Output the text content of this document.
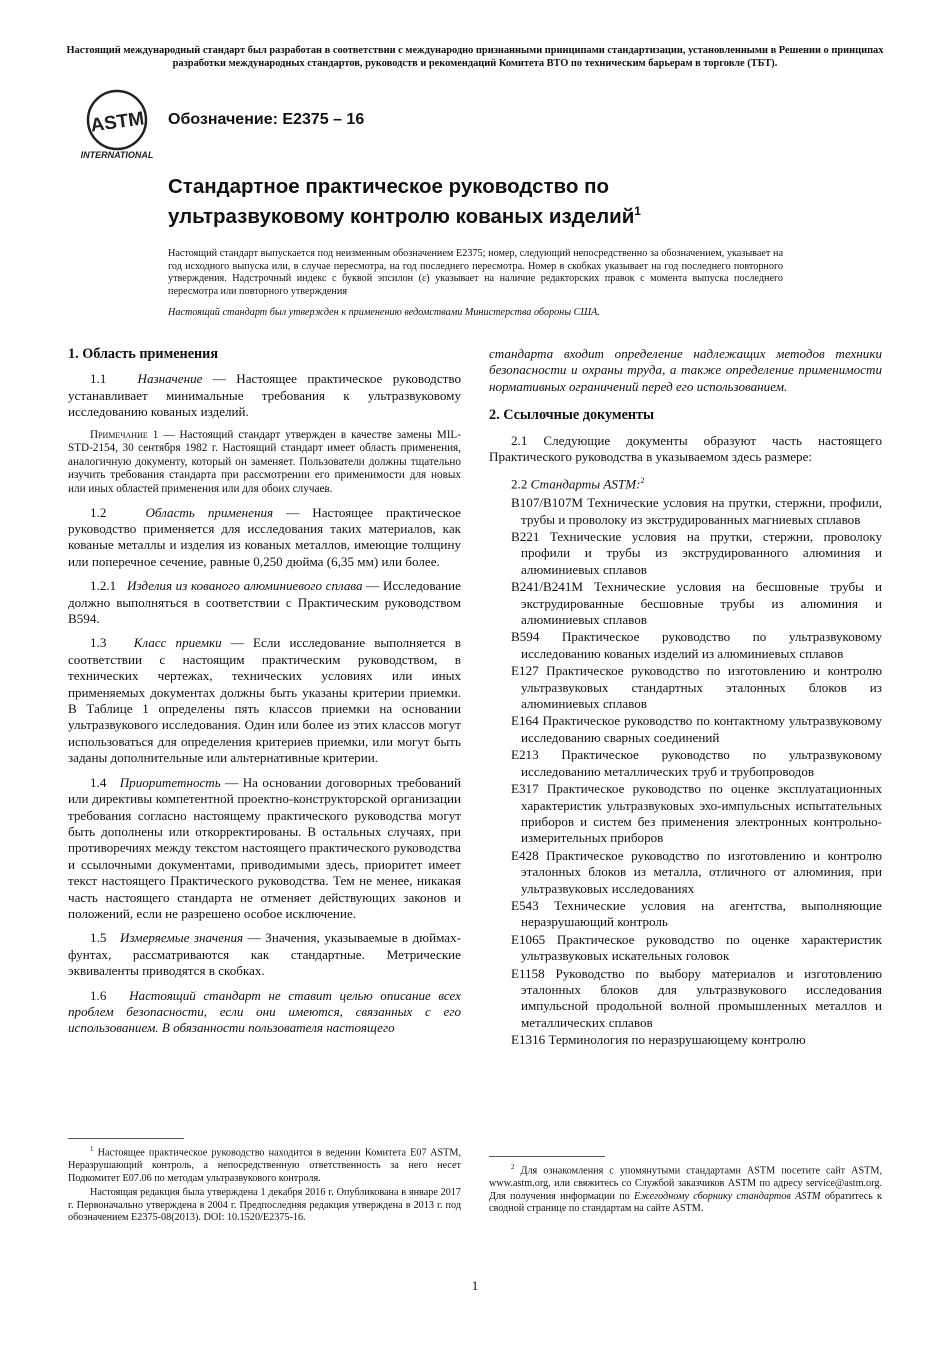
Настоящий международный стандарт был разработан в соответствии с международно признанными принципами стандартизации, установленными в Решении о принципах разработки международных стандартов, руководств и рекомендаций Комитета ВТО по техническим барьерам в торговле (ТБТ).
ASTM
INTERNATIONAL
Обозначение: E2375 – 16
Стандартное практическое руководство по ультразвуковому контролю кованых изделий$^1$
Настоящий стандарт выпускается под неизменным обозначением E2375; номер, следующий непосредственно за обозначением, указывает на год исходного выпуска или, в случае пересмотра, на год последнего пересмотра. Номер в скобках указывает на год последнего повторного утверждения. Надстрочный индекс с буквой эпсилон (ε) указывает на наличие редакторских правок с момента выпуска последнего пересмотра или повторного утверждения
Настоящий стандарт был утвержден к применению ведомствами Министерства обороны США.
1. Область применения

1.1 Назначение — Настоящее практическое руководство устанавливает минимальные требования к ультразвуковому исследованию кованых изделий.

Примечание 1 — Настоящий стандарт утвержден в качестве замены MIL-STD-2154, 30 сентября 1982 г. Настоящий стандарт имеет область применения, аналогичную документу, который он заменяет. Пользователи должны тщательно изучить требования стандарта при рассмотрении его применимости для новых или иных областей применения или для обоих случаев.

1.2	Область применения — Настоящее практическое руководство применяется для исследования таких материалов, как кованые металлы и изделия из кованых металлов, имеющие толщину или поперечное сечение, равные 0,250 дюйма (6,35 мм) или более.

1.2.1 Изделия из кованого алюминиевого сплава — Исследование должно выполняться в соответствии с Практическим руководством B594.

1.3 Класс приемки — Если исследование выполняется в соответствии с настоящим практическим руководством, в технических чертежах, технических условиях или иных применяемых документах должны быть указаны критерии приемки. В Таблице 1 определены пять классов приемки на основании ультразвукового исследования. Один или более из этих классов могут использоваться для определения критериев приемки, или могут быть заданы дополнительные или альтернативные критерии.

1.4 Приоритетность — На основании договорных требований или директивы компетентной проектно-конструкторской организации требования согласно настоящему практического руководства могут быть дополнены или откорректированы. В остальных случаях, при противоречиях между текстом настоящего практического руководства и ссылочными документами, приводимыми здесь, приоритет имеет текст настоящего Практического руководства. Тем не менее, никакая часть настоящего стандарта не отменяет действующих законов и положений, если не разрешено особое исключение.

1.5 Измеряемые значения — Значения, указываемые в дюймах-фунтах, рассматриваются как стандартные. Метрические эквиваленты приводятся в скобках.

1.6 Настоящий стандарт не ставит целью описание всех проблем безопасности, если они имеются, связанных с его использованием. В обязанности пользователя настоящего

стандарта входит определение надлежащих методов техники безопасности и охраны труда, а также определение применимости нормативных ограничений перед его использованием.

2. Ссылочные документы

2.1 Следующие документы образуют часть настоящего Практического руководства в указываемом здесь размере:

2.2 Стандарты ASTM:$^2$

B107/B107M Технические условия на прутки, стержни, профили, трубы и проволоку из экструдированных магниевых сплавов
B221 Технические условия на прутки, стержни, проволоку профили и трубы из экструдированного алюминия и алюминиевых сплавов
B241/B241M Технические условия на бесшовные трубы и экструдированные бесшовные трубы из алюминия и алюминиевых сплавов
B594 Практическое руководство по ультразвуковому исследованию кованых изделий из алюминиевых сплавов
E127 Практическое руководство по изготовлению и контролю ультразвуковых стандартных эталонных блоков из алюминиевых сплавов
E164 Практическое руководство по контактному ультразвуковому исследованию сварных соединений
E213 Практическое руководство по ультразвуковому исследованию металлических труб и трубопроводов
E317 Практическое руководство по оценке эксплуатационных характеристик ультразвуковых эхо-импульсных испытательных приборов и систем без применения электронных контрольно-измерительных приборов
E428 Практическое руководство по изготовлению и контролю эталонных блоков из металла, отличного от алюминия, при ультразвуковых исследованиях
E543 Технические условия на агентства, выполняющие неразрушающий контроль
E1065 Практическое руководство по оценке характеристик ультразвуковых искательных головок
E1158 Руководство по выбору материалов и изготовлению эталонных блоков для ультразвукового исследования импульсной продольной волной промышленных металлов и металлических сплавов
E1316 Терминология по неразрушающему контролю

$^1$ Настоящее практическое руководство находится в ведении Комитета E07 ASTM, Неразрушающий контроль, а непосредственную ответственность за него несет Подкомитет E07.06 по методам ультразвукового контроля.

Настоящая редакция была утверждена 1 декабря 2016 г. Опубликована в январе 2017 г. Первоначально утверждена в 2004 г. Предпоследняя редакция утверждена в 2013 г. под обозначением E2375-08(2013). DOI: 10.1520/E2375-16.

$^2$ Для ознакомления с упомянутыми стандартами ASTM посетите сайт ASTM, www.astm.org, или свяжитесь со Службой заказчиков ASTM по адресу service@astm.org. Для получения информации по Ежегодному сборнику стандартов ASTM обратитесь к сводной странице по стандартам на сайте ASTM.

1
